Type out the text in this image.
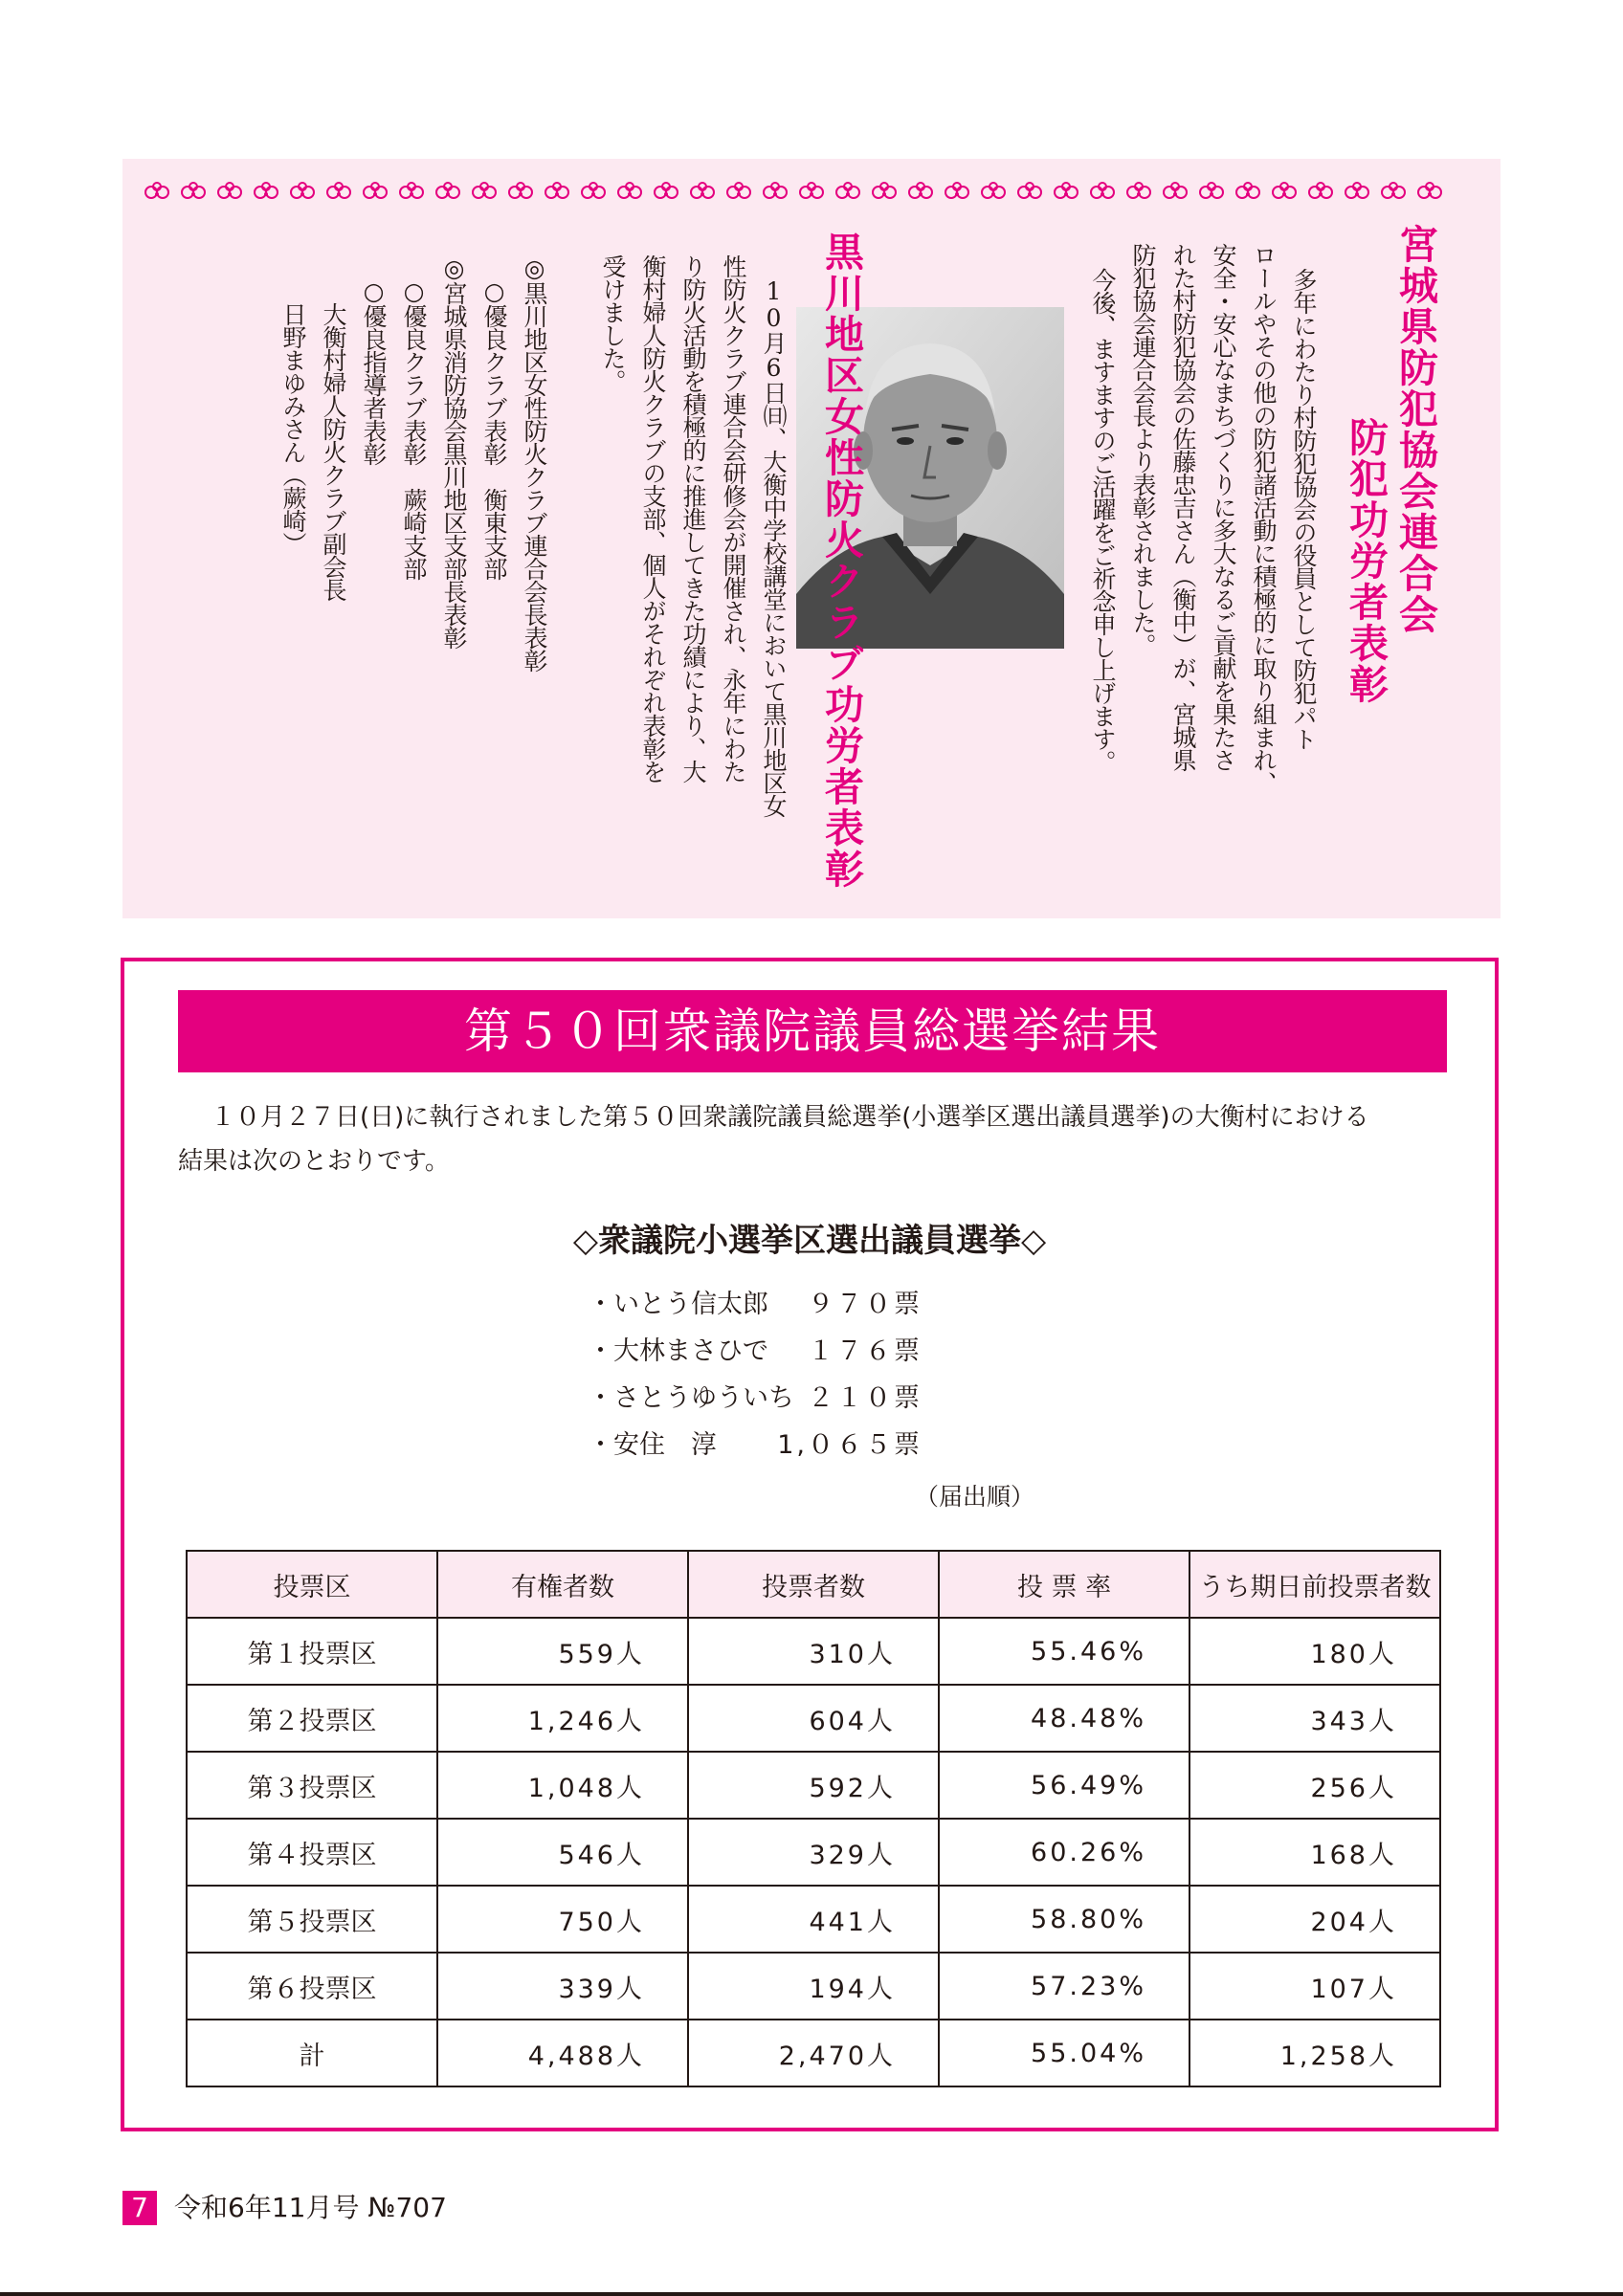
宮城県防犯協会連合会
防犯功労者表彰
多年にわたり村防犯協会の役員として防犯パト
ロールやその他の防犯諸活動に積極的に取り組まれ、
安全・安心なまちづくりに多大なるご貢献を果たさ
れた村防犯協会の佐藤忠吉さん（衡中）が、宮城県
防犯協会連合会長より表彰されました。
今後、ますますのご活躍をご祈念申し上げます。
黒川地区女性防火クラブ功労者表彰
10月6日㈰、大衡中学校講堂において黒川地区女
性防火クラブ連合会研修会が開催され、永年にわた
り防火活動を積極的に推進してきた功績により、大
衡村婦人防火クラブの支部、個人がそれぞれ表彰を
受けました。
◎黒川地区女性防火クラブ連合会長表彰
○優良クラブ表彰　衡東支部
◎宮城県消防協会黒川地区支部長表彰
○優良クラブ表彰　蕨崎支部
○優良指導者表彰
大衡村婦人防火クラブ副会長
日野まゆみさん（蕨崎）
第５０回衆議院議員総選挙結果

１０月２７日(日)に執行されました第５０回衆議院議員総選挙(小選挙区選出議員選挙)の大衡村における

結果は次のとおりです。

◇衆議院小選挙区選出議員選挙◇
・いとう信太郎	９７０票
・大林まさひで	１７６票
・さとうゆういち ２１０票
・安住　淳	1,０６５票
（届出順）
投票区	有権者数	投票者数	投 票 率	うち期日前投票者数
第１投票区	559人	310人	55.46%	180人
第２投票区	1,246人	604人	48.48%	343人
第３投票区	1,048人	592人	56.49%	256人
第４投票区	546人	329人	60.26%	168人
第５投票区	750人	441人	58.80%	204人
第６投票区	339人	194人	57.23%	107人
計	4,488人	2,470人	55.04%	1,258人
7 令和6年11月号 №707
